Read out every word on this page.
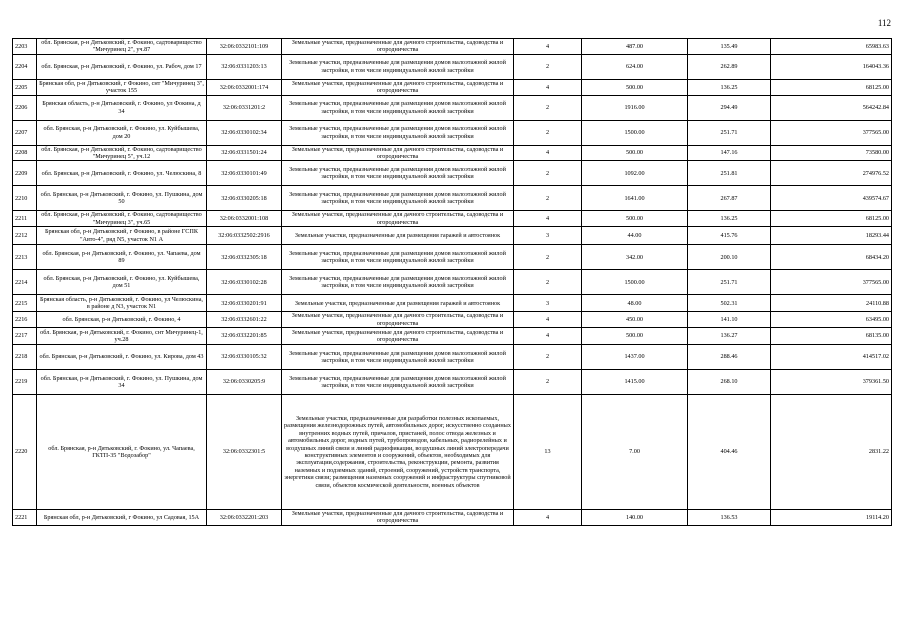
112
2203	обл. Брянская, р-н Дятьковский, г. Фокино, садтоварищество "Мичуринец 2", уч.87	32:06:0332101:109	Земельные участки, предназначенные для дачного строительства, садоводства и огородничества	4	487.00	135.49	65983.63
2204	обл. Брянская, р-н Дятьковский, г. Фокино, ул. Рабоч, дом 17	32:06:0331203:13	Земельные участки, предназначенные для размещения домов малоэтажной жилой застройки, в том числе индивидуальной жилой застройки	2	624.00	262.89	164043.36
2205	Брянская обл, р-н Дятьковский, г Фокино, снт "Мичуринец 3", участок 155	32:06:0332001:174	Земельные участки, предназначенные для дачного строительства, садоводства и огородничества	4	500.00	136.25	68125.00
2206	Брянская область, р-н Дятьковский, г. Фокино, ул Фокина, д 34	32:06:0331201:2	Земельные участки, предназначенные для размещения домов малоэтажной жилой застройки, в том числе индивидуальной жилой застройки	2	1916.00	294.49	564242.84
2207	обл. Брянская, р-н Дятьковский, г. Фокино, ул. Куйбышева, дом 20	32:06:0330102:34	Земельные участки, предназначенные для размещения домов малоэтажной жилой застройки, в том числе индивидуальной жилой застройки	2	1500.00	251.71	377565.00
2208	обл. Брянская, р-н Дятьковский, г. Фокино, садтоварищество "Мичуринец 5", уч.12	32:06:0331501:24	Земельные участки, предназначенные для дачного строительства, садоводства и огородничества	4	500.00	147.16	73580.00
2209	обл. Брянская, р-н Дятьковский, г. Фокино, ул. Челюскина, 8	32:06:0330101:49	Земельные участки, предназначенные для размещения домов малоэтажной жилой застройки, в том числе индивидуальной жилой застройки	2	1092.00	251.81	274976.52
2210	обл. Брянская, р-н Дятьковский, г. Фокино, ул. Пушкина, дом 50	32:06:0330205:18	Земельные участки, предназначенные для размещения домов малоэтажной жилой застройки, в том числе индивидуальной жилой застройки	2	1641.00	267.87	439574.67
2211	обл. Брянская, р-н Дятьковский, г. Фокино, садтоварищество "Мичуринец 3", уч.65	32:06:0332001:108	Земельные участки, предназначенные для дачного строительства, садоводства и огородничества	4	500.00	136.25	68125.00
2212	Брянская обл, р-н Дятьковский, г Фокино, в районе ГСПК "Авто-4", ряд N5, участок N1 А	32:06:0332502:2916	Земельные участки, предназначенные для размещения гаражей и автостоянок	3	44.00	415.76	18293.44
2213	обл. Брянская, р-н Дятьковский, г. Фокино, ул. Чапаева, дом 89	32:06:0332305:18	Земельные участки, предназначенные для размещения домов малоэтажной жилой застройки, в том числе индивидуальной жилой застройки	2	342.00	200.10	68434.20
2214	обл. Брянская, р-н Дятьковский, г. Фокино, ул. Куйбышева, дом 51	32:06:0330102:28	Земельные участки, предназначенные для размещения домов малоэтажной жилой застройки, в том числе индивидуальной жилой застройки	2	1500.00	251.71	377565.00
2215	Брянская область, р-н Дятьковский, г. Фокино, ул Челюскина, в районе д N3, участок N1	32:06:0330201:91	Земельные участки, предназначенные для размещения гаражей и автостоянок	3	48.00	502.31	24110.88
2216	обл. Брянская, р-н Дятьковский, г. Фокино, 4	32:06:0332601:22	Земельные участки, предназначенные для дачного строительства, садоводства и огородничества	4	450.00	141.10	63495.00
2217	обл. Брянская, р-н Дятьковский, г. Фокино, снт Мичуринец-1, уч.28	32:06:0332201:85	Земельные участки, предназначенные для дачного строительства, садоводства и огородничества	4	500.00	136.27	68135.00
2218	обл. Брянская, р-н Дятьковский, г. Фокино, ул. Кирова, дом 43	32:06:0330105:32	Земельные участки, предназначенные для размещения домов малоэтажной жилой застройки, в том числе индивидуальной жилой застройки	2	1437.00	288.46	414517.02
2219	обл. Брянская, р-н Дятьковский, г. Фокино, ул. Пушкина, дом 34	32:06:0330205:9	Земельные участки, предназначенные для размещения домов малоэтажной жилой застройки, в том числе индивидуальной жилой застройки	2	1415.00	268.10	379361.50
2220	обл. Брянская, р-н Дятьковский, г. Фокино, ул. Чапаева, ГКТП-35 "Водозабор"	32:06:0332301:5	Земельные участки, предназначенные для разработки полезных ископаемых, размещения железнодорожных путей, автомобильных дорог, искусственно созданных внутренних водных путей, причалов, пристаней, полос отвода железных и автомобильных дорог, водных путей, трубопроводов, кабельных, радиорелейных и воздушных линий связи и линий радиофикации, воздушных линий электропередачи конструктивных элементов и сооружений, объектов, необходимых для эксплуатации,содержания, строительства, реконструкции, ремонта, развития наземных и подземных зданий, строений, сооружений, устройств транспорта, энергетики связи; размещения наземных сооружений и инфраструктуры спутниковой связи, объектов космической деятельности, военных объектов	13	7.00	404.46	2831.22
2221	Брянская обл, р-н Дятьковский, г Фокино, ул Садовая, 15А	32:06:0332201:203	Земельные участки, предназначенные для дачного строительства, садоводства и огородничества	4	140.00	136.53	19114.20
